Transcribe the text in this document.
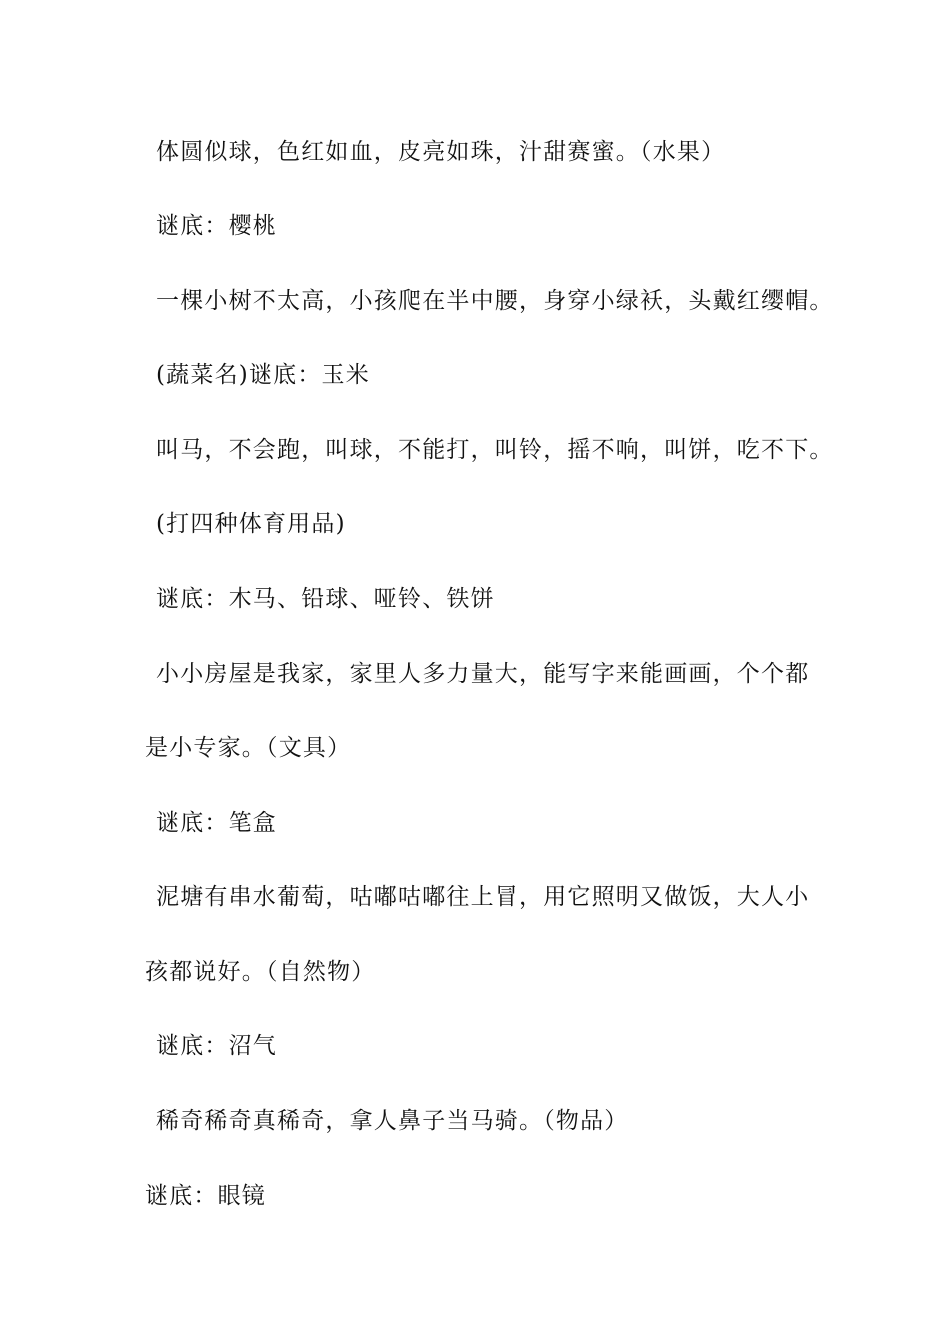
体圆似球，色红如血，皮亮如珠，汁甜赛蜜。（水果）
谜底：樱桃
一棵小树不太高，小孩爬在半中腰，身穿小绿袄，头戴红缨帽。
(蔬菜名)谜底：玉米
叫马，不会跑，叫球，不能打，叫铃，摇不响，叫饼，吃不下。
(打四种体育用品)
谜底：木马、铅球、哑铃、铁饼
小小房屋是我家，家里人多力量大，能写字来能画画，个个都
是小专家。（文具）
谜底：笔盒
泥塘有串水葡萄，咕嘟咕嘟往上冒，用它照明又做饭，大人小
孩都说好。（自然物）
谜底：沼气
稀奇稀奇真稀奇，拿人鼻子当马骑。（物品）
谜底：眼镜
